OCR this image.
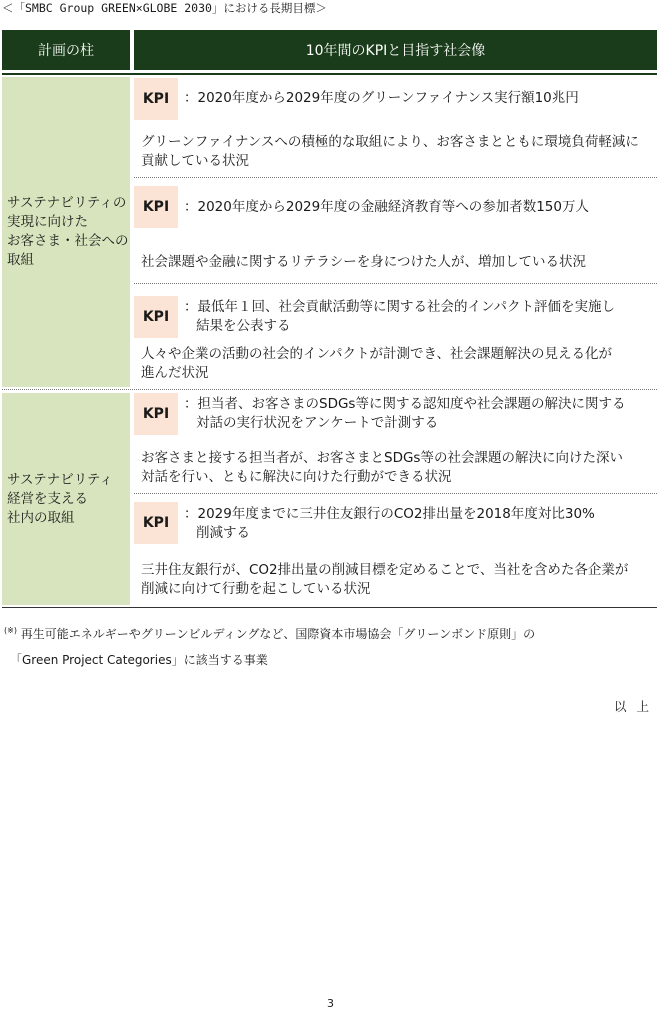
＜「SMBC Group GREEN×GLOBE 2030」における長期目標＞
計画の柱	10年間のKPIと目指す社会像
サステナビリティの
実現に向けた
お客さま・社会への
取組
KPI	：2020年度から2029年度のグリーンファイナンス実行額10兆円
グリーンファイナンスへの積極的な取組により、お客さまとともに環境負荷軽減に
貢献している状況
KPI	：2020年度から2029年度の金融経済教育等への参加者数150万人
社会課題や金融に関するリテラシーを身につけた人が、増加している状況
KPI
：最低年１回、社会貢献活動等に関する社会的インパクト評価を実施し
結果を公表する
人々や企業の活動の社会的インパクトが計測でき、社会課題解決の見える化が
進んだ状況
サステナビリティ
経営を支える
社内の取組
KPI
：担当者、お客さまのSDGs等に関する認知度や社会課題の解決に関する
対話の実行状況をアンケートで計測する
お客さまと接する担当者が、お客さまとSDGs等の社会課題の解決に向けた深い
対話を行い、ともに解決に向けた行動ができる状況
KPI
：2029年度までに三井住友銀行のCO2排出量を2018年度対比30%
削減する
三井住友銀行が、CO2排出量の削減目標を定めることで、当社を含めた各企業が
削減に向けて行動を起こしている状況
(※) 再生可能エネルギーやグリーンビルディングなど、国際資本市場協会「グリーンボンド原則」の
「Green Project Categories」に該当する事業
以上
3
